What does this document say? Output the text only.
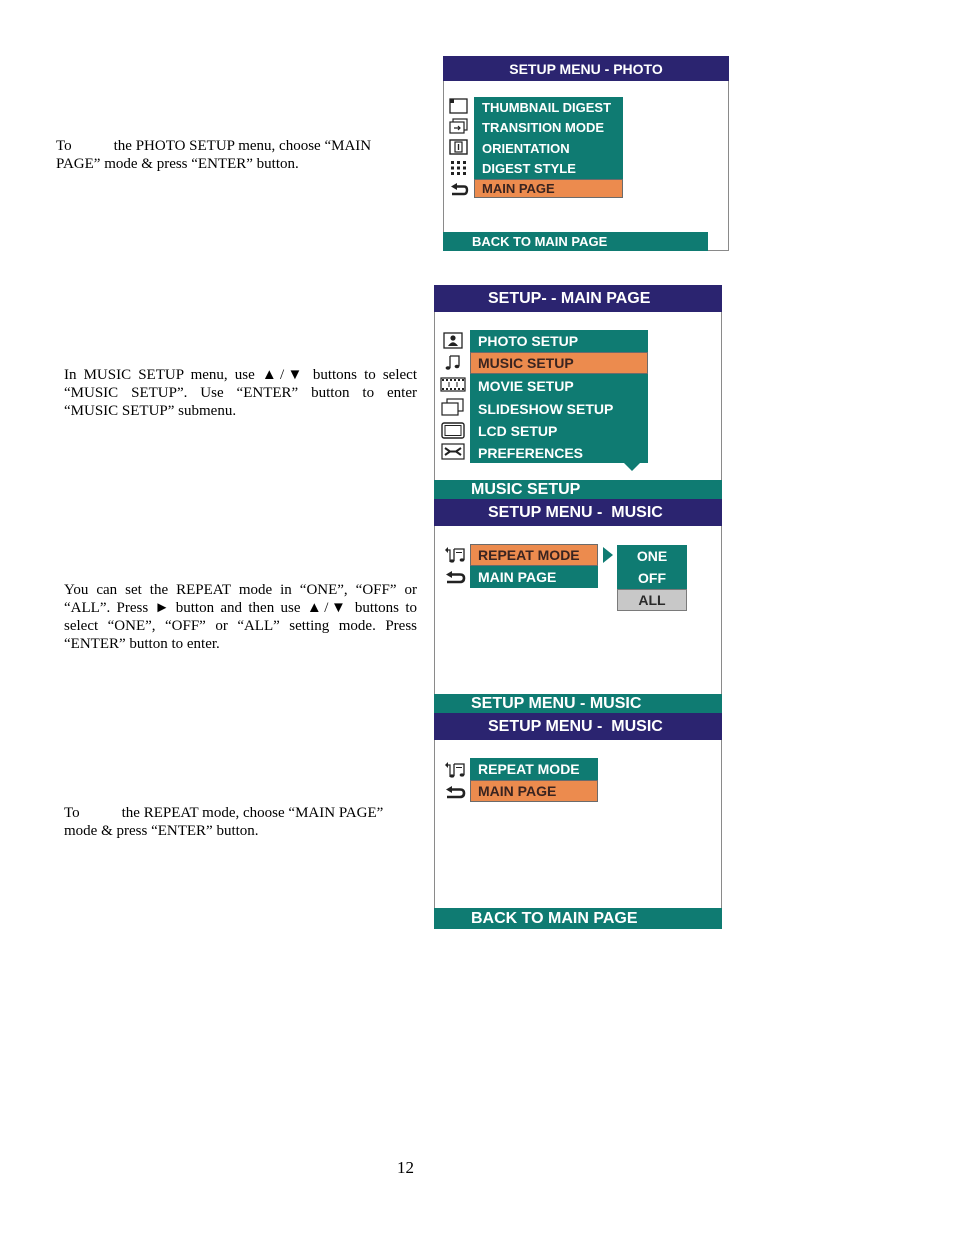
To	the PHOTO SETUP menu, choose “MAIN
PAGE” mode & press “ENTER” button.

In MUSIC SETUP menu, use ▲/▼ buttons to select “MUSIC SETUP”. Use “ENTER” button to enter “MUSIC SETUP” submenu.

You can set the REPEAT mode in “ONE”, “OFF” or “ALL”. Press ► button and then use ▲/▼ buttons to select “ONE”, “OFF” or “ALL” setting mode. Press “ENTER” button to enter.

To	the REPEAT mode, choose “MAIN PAGE”
mode & press “ENTER” button.

12
SETUP MENU - PHOTO
THUMBNAIL DIGEST
TRANSITION MODE
ORIENTATION
DIGEST STYLE
MAIN PAGE
BACK TO MAIN PAGE
SETUP- - MAIN PAGE
PHOTO SETUP
MUSIC SETUP
MOVIE SETUP
SLIDESHOW SETUP
LCD SETUP
PREFERENCES
MUSIC SETUP
SETUP MENU -  MUSIC
REPEAT MODE
MAIN PAGE
ONE
OFF
ALL
SETUP MENU - MUSIC
SETUP MENU -  MUSIC
REPEAT MODE
MAIN PAGE
BACK TO MAIN PAGE
